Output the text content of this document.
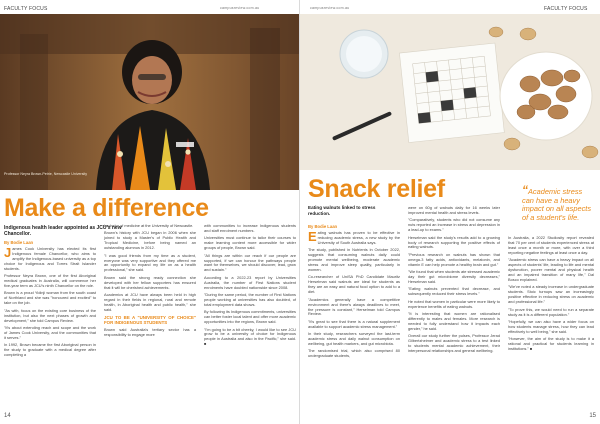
FACULTY FOCUS	campusreview.com.au
Professor Neyra Brown-Petrie, Newcastle University
Make a difference
Indigenous health leader appointed as JCU's new Chancellor.
By Bodie Laan

James Cook University has elected its first Indigenous female Chancellor, who aims to amplify the Indigenous-based university as a top choice for Indigenous and Torres Strait Islander students.

Professor Neyra Brown, one of the first Aboriginal medical graduates in Australia, will commence her five-year term as JCU's ninth Chancellor on the role.

Brown is a proud Yidinji woman from the south coast of Northland and she was "honoured and excited" to take on the job.

"As with, focus on the existing core business of the institution, but also the next phases of growth and development," she told Campus Review.

"It's about extending reach and scope and the work of James Cook University, and the communities that it serves."

In 1992, Brown became the first Aboriginal person in the study to graduate with a medical degree after completing a

bachelor of medicine at the University of Newcastle.

Brown's history with JCU began in 2006 when she joined to study a Master's of Public Health and Tropical Medicine, before being named an outstanding alumnus in 2012.

"I was good friends from my time as a student, everyone was very supportive and they offered me an opportunity to expand my life on as a health professional," she said.

Brown said the strong ready connection she developed with her fellow supporters has ensured that it will be cherished achievements.

Academics at JCU have always been held in high regard in their fields in regional, rural and remote health, in Aboriginal health and public health," she said.

JCU TO BE A "UNIVERSITY OF CHOICE" FOR INDIGENOUS STUDENTS

Brown said Australia's tertiary sector has a responsibility to engage more

with communities to increase Indigenous students and staff enrolment numbers.

Universities must continue to tailor their courses to make learning content more accessible for wider groups of people, Brown said.

"All things are within our reach if our people are supported, if we can honour the pathways people want for themselves, we should discover, lead, grow and sustain."

According to a 2022-23 report by Universities Australia, the number of First Nations student enrolments have doubled nationwide since 2008.

"During the same period, the number of First Nations people working at universities has also doubled, of total employment data shows.

By following its Indigenous commitments, universities can better foster local talent and offer more academic opportunities into the regions, Brown said.

"I'm going to be a bit cheeky, I would like to see JCU grow to be a university of choice for Indigenous people in Australia and also in the Pacific," she said. ■

14
FACULTY FOCUS
campusreview.com.au
Snack relief
Eating walnuts linked to stress reduction.
By Bodie Laan

Eating walnuts has proven to be effective in reducing academic stress, a new study by the University of South Australia says.

The study, published in Nutrients in October 2022, suggests that consuming walnuts daily could promote mental wellbeing, moderate academic stress and improve sleep quality, particularly in women.

Co-researcher of UniSA PhD Candidate Mauritz Herselman said walnuts are ideal for students as they are an easy and natural food option to add to a diet.

"Academics generally have a competitive environment and there's always deadlines to meet, the pressure is constant," Herselman told Campus Review.

"It's great to see that there is a natural supplement available to support academic stress management."

In their study, researchers surveyed the last-term academic stress and daily walnut consumption on wellbeing, gut health markers, and gut microbiota.

The randomised trial, which also comprised 80 undergraduate students,

were on 60g of walnuts daily for 16 weeks later improved mental health and stress levels.

"Comparatively, students who did not consume any nuts reported an increase in stress and depression in a lead-up to exams."

Herselman said the study's results add to a growing body of research supporting the positive effects of eating walnuts.

"Previous research on walnuts has shown that omega-3 fatty acids, antioxidants, melatonin, and vitamin E can help promote a healthy brain and gut."

"We found that when students ate stressed academic day their gut microbiome diversity decreases," Herselman said.

"Eating walnuts prevented that decrease, and subsequently reduced their stress levels."

He noted that women in particular were more likely to experience benefits of eating walnuts.

"It is interesting that women are rationalised differently to males and females. More research is needed to fully understand how it impacts each gender," he said.

Overall our study further the pulses, Professor Jerad Gilbertzheimer and academic stress to a test linked to students mental academic achievement, their interpersonal relationships and general wellbeing.

“Academic stress can have a heavy impact on all aspects of a student's life.

In Australia, a 2022 Studiosity report revealed that 70 per cent of students experienced stress at least once a month or more, with over a third reporting negative feelings at least once a day.

"Academic stress can have a heavy impact on all aspects of students' life, leading to life and mental dysfunction, poorer mental and physical health and an impaired transition of many life," Dal Bosco explained.

"We've noted a steady increase in undergraduate students. Stoic turnups saw an increasingly positive effective in reducing stress on academic and professional life."

"To prove this, we would need to run a separate study as it is a different population."

"Hopefully, we can also have a wider focus on how students manage stress, how they can lead effectively to well being," she said.

"However, the aim of the study is to make it a rational and practical for students learning in institutions." ■

15
